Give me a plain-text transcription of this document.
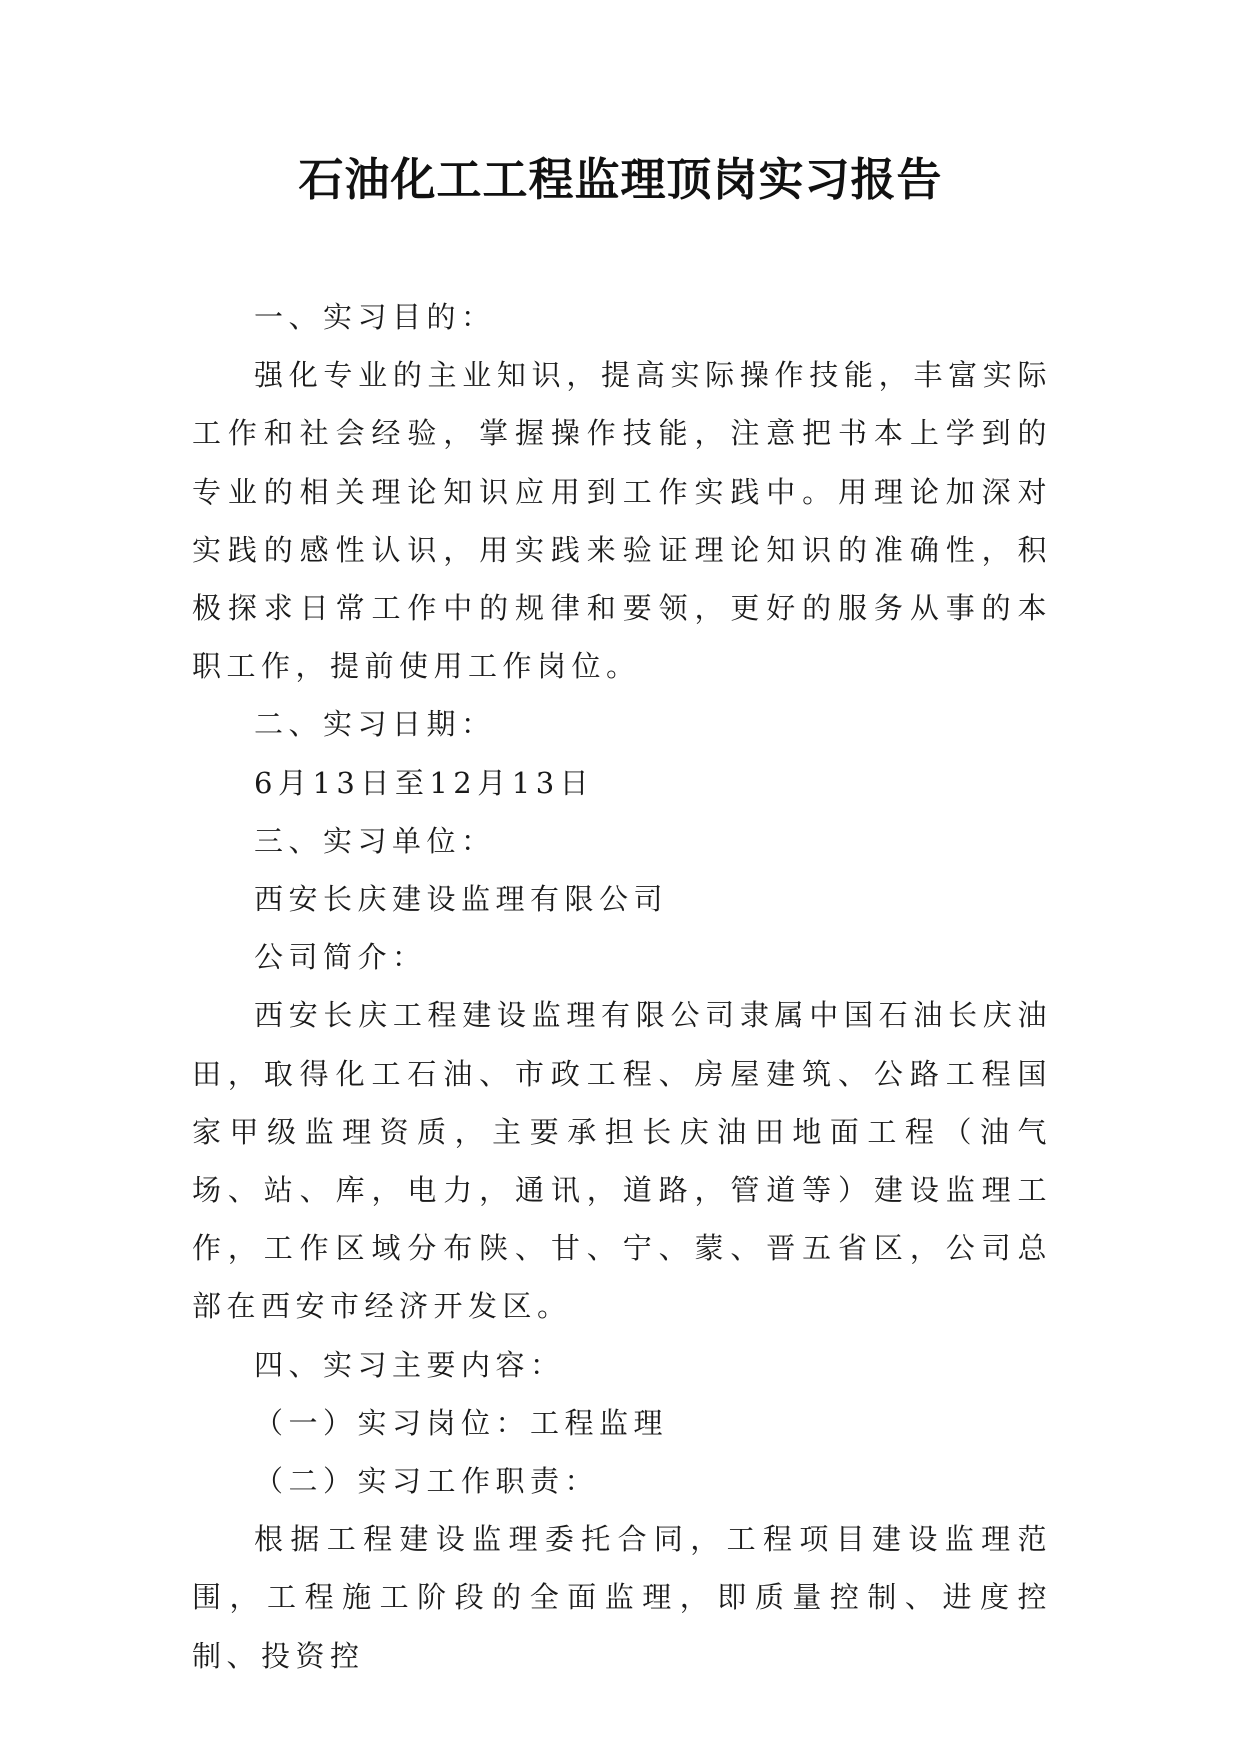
石油化工工程监理顶岗实习报告

一、实习目的：

强化专业的主业知识，提高实际操作技能，丰富实际工作和社会经验，掌握操作技能，注意把书本上学到的专业的相关理论知识应用到工作实践中。用理论加深对实践的感性认识，用实践来验证理论知识的准确性，积极探求日常工作中的规律和要领，更好的服务从事的本职工作，提前使用工作岗位。

二、实习日期：

6月13日至12月13日

三、实习单位：

西安长庆建设监理有限公司

公司简介：

西安长庆工程建设监理有限公司隶属中国石油长庆油田，取得化工石油、市政工程、房屋建筑、公路工程国家甲级监理资质，主要承担长庆油田地面工程（油气场、站、库，电力，通讯，道路，管道等）建设监理工作，工作区域分布陕、甘、宁、蒙、晋五省区，公司总部在西安市经济开发区。

四、实习主要内容：

（一）实习岗位：工程监理

（二）实习工作职责：

根据工程建设监理委托合同，工程项目建设监理范围，工程施工阶段的全面监理，即质量控制、进度控制、投资控
